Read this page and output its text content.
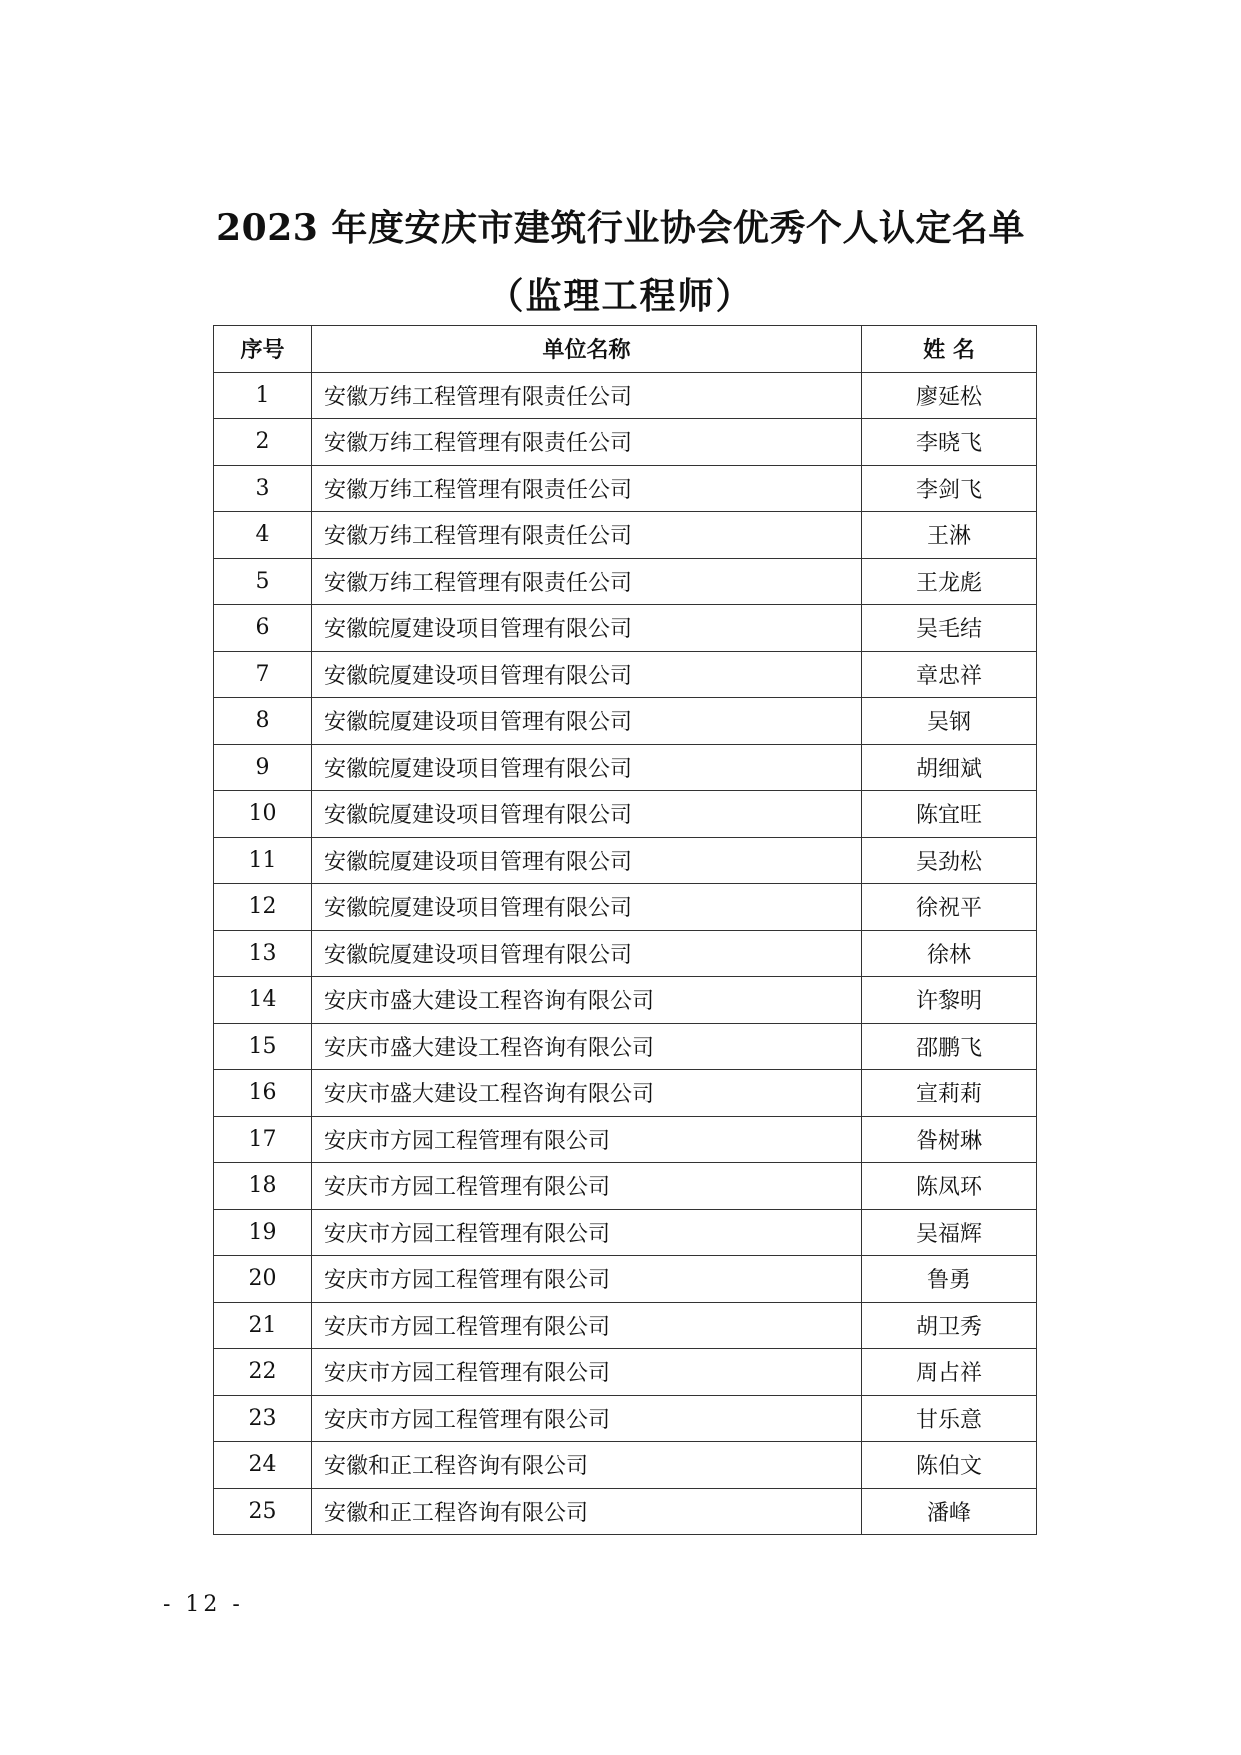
2023 年度安庆市建筑行业协会优秀个人认定名单
（监理工程师）
序号	单位名称	姓 名
1	安徽万纬工程管理有限责任公司	廖延松
2	安徽万纬工程管理有限责任公司	李晓飞
3	安徽万纬工程管理有限责任公司	李剑飞
4	安徽万纬工程管理有限责任公司	王淋
5	安徽万纬工程管理有限责任公司	王龙彪
6	安徽皖厦建设项目管理有限公司	吴毛结
7	安徽皖厦建设项目管理有限公司	章忠祥
8	安徽皖厦建设项目管理有限公司	吴钢
9	安徽皖厦建设项目管理有限公司	胡细斌
10	安徽皖厦建设项目管理有限公司	陈宜旺
11	安徽皖厦建设项目管理有限公司	吴劲松
12	安徽皖厦建设项目管理有限公司	徐祝平
13	安徽皖厦建设项目管理有限公司	徐林
14	安庆市盛大建设工程咨询有限公司	许黎明
15	安庆市盛大建设工程咨询有限公司	邵鹏飞
16	安庆市盛大建设工程咨询有限公司	宣莉莉
17	安庆市方园工程管理有限公司	昝树琳
18	安庆市方园工程管理有限公司	陈凤环
19	安庆市方园工程管理有限公司	吴福辉
20	安庆市方园工程管理有限公司	鲁勇
21	安庆市方园工程管理有限公司	胡卫秀
22	安庆市方园工程管理有限公司	周占祥
23	安庆市方园工程管理有限公司	甘乐意
24	安徽和正工程咨询有限公司	陈伯文
25	安徽和正工程咨询有限公司	潘峰
- 12 -
